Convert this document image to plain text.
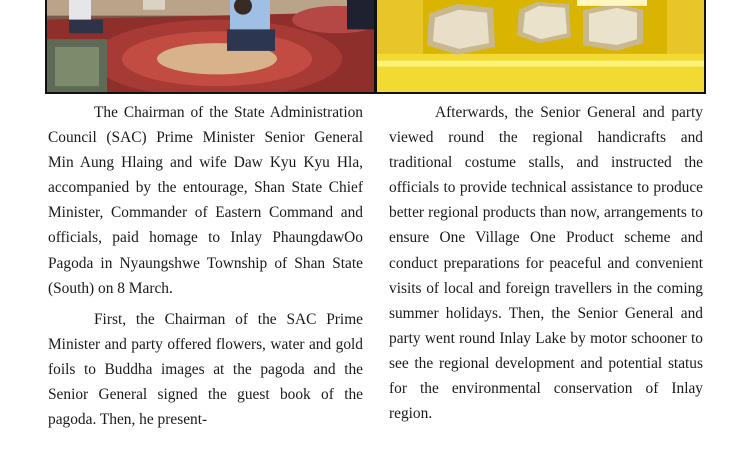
The Chairman of the State Administration Council (SAC) Prime Minister Senior General Min Aung Hlaing and wife Daw Kyu Kyu Hla, accompanied by the entourage, Shan State Chief Minister, Commander of Eastern Command and officials, paid homage to Inlay PhaungdawOo Pagoda in Nyaungshwe Township of Shan State (South) on 8 March.

First, the Chairman of the SAC Prime Minister and party offered flowers, water and gold foils to Buddha images at the pagoda and the Senior General signed the guest book of the pagoda. Then, he present-

Afterwards, the Senior General and party viewed round the regional handicrafts and traditional costume stalls, and instructed the officials to provide technical assistance to produce better regional products than now, arrangements to ensure One Village One Product scheme and conduct preparations for peaceful and convenient visits of local and foreign travellers in the coming summer holidays. Then, the Senior General and party went round Inlay Lake by motor schooner to see the regional development and potential status for the environmental conservation of Inlay region.
